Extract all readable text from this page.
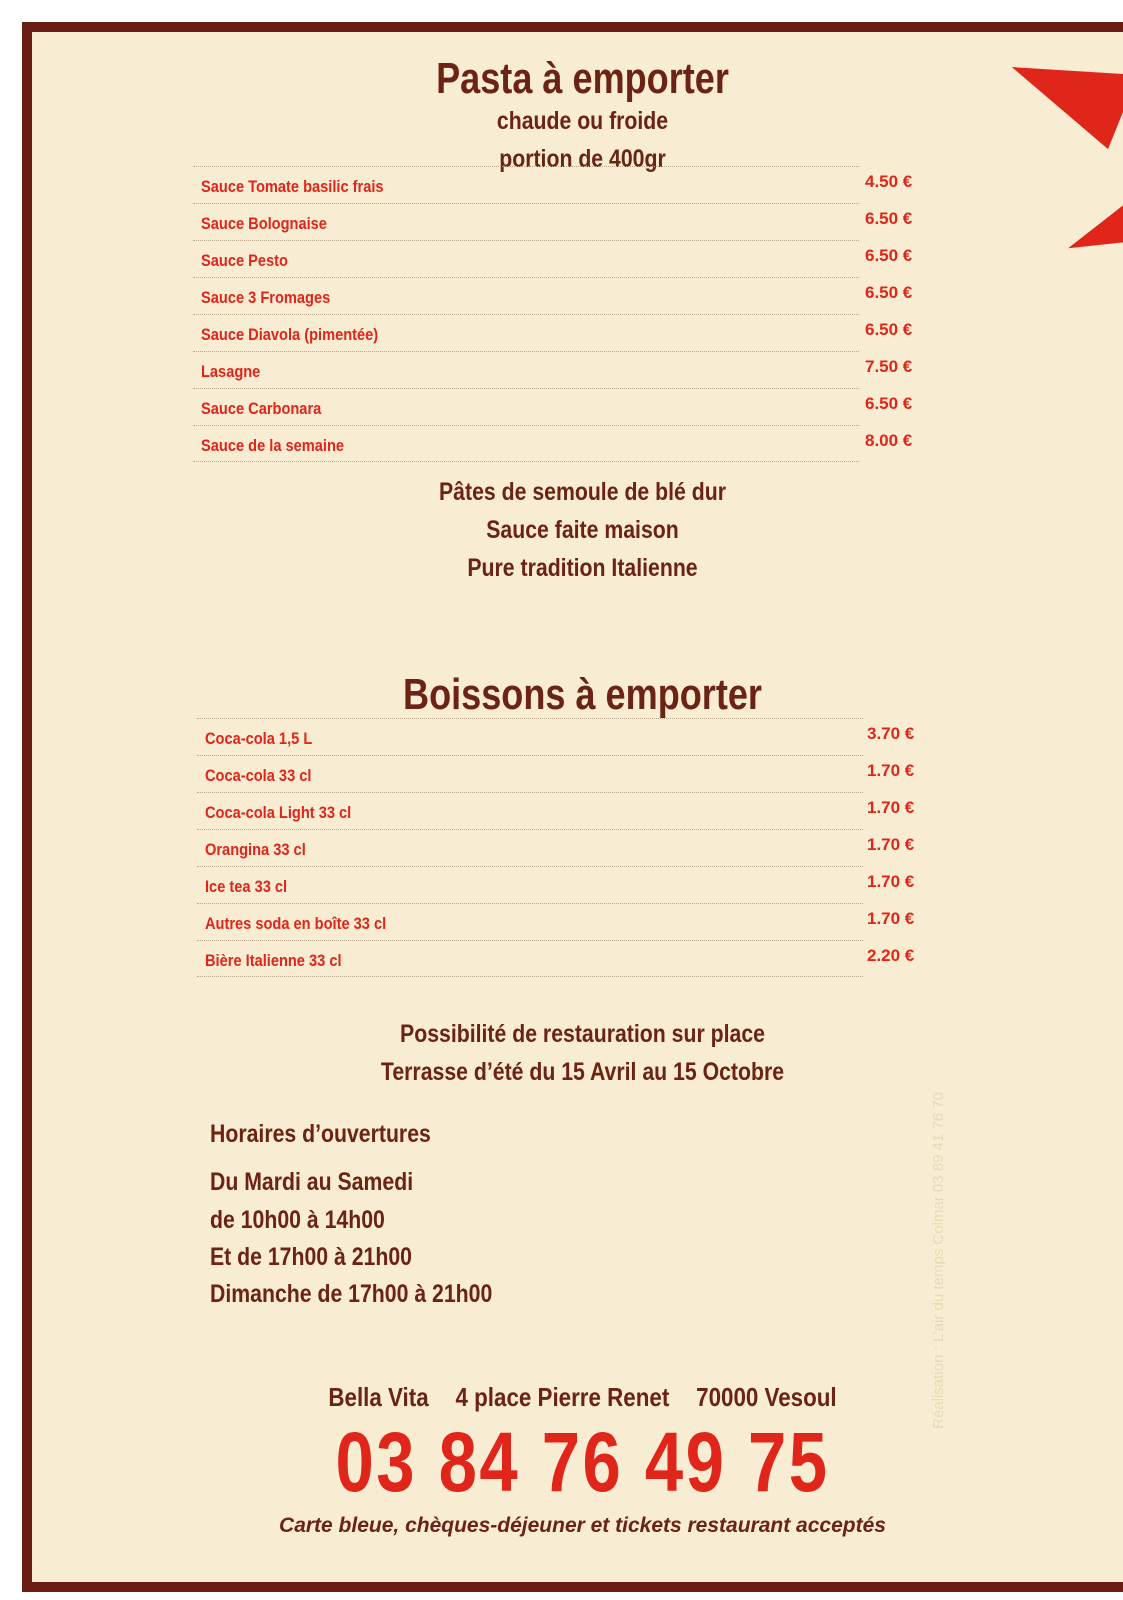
Pasta à emporter
chaude ou froide
portion de 400gr
Sauce Tomate basilic frais	4.50 €
Sauce Bolognaise	6.50 €
Sauce Pesto	6.50 €
Sauce 3 Fromages	6.50 €
Sauce Diavola (pimentée)	6.50 €
Lasagne	7.50 €
Sauce Carbonara	6.50 €
Sauce de la semaine	8.00 €
Pâtes de semoule de blé dur
Sauce faite maison
Pure tradition Italienne
Boissons à emporter
Coca-cola 1,5 L	3.70 €
Coca-cola 33 cl	1.70 €
Coca-cola Light 33 cl	1.70 €
Orangina 33 cl	1.70 €
Ice tea 33 cl	1.70 €
Autres soda en boîte 33 cl	1.70 €
Bière Italienne 33 cl	2.20 €
Possibilité de restauration sur place
Terrasse d’été du 15 Avril au 15 Octobre
Horaires d’ouvertures
Du Mardi au Samedi
de 10h00 à 14h00
Et de 17h00 à 21h00
Dimanche de 17h00 à 21h00
Bella Vita 4 place Pierre Renet 70000 Vesoul
03 84 76 49 75
Carte bleue, chèques-déjeuner et tickets restaurant acceptés
Réalisation : L’air du temps Colmar 03 89 41 76 70
